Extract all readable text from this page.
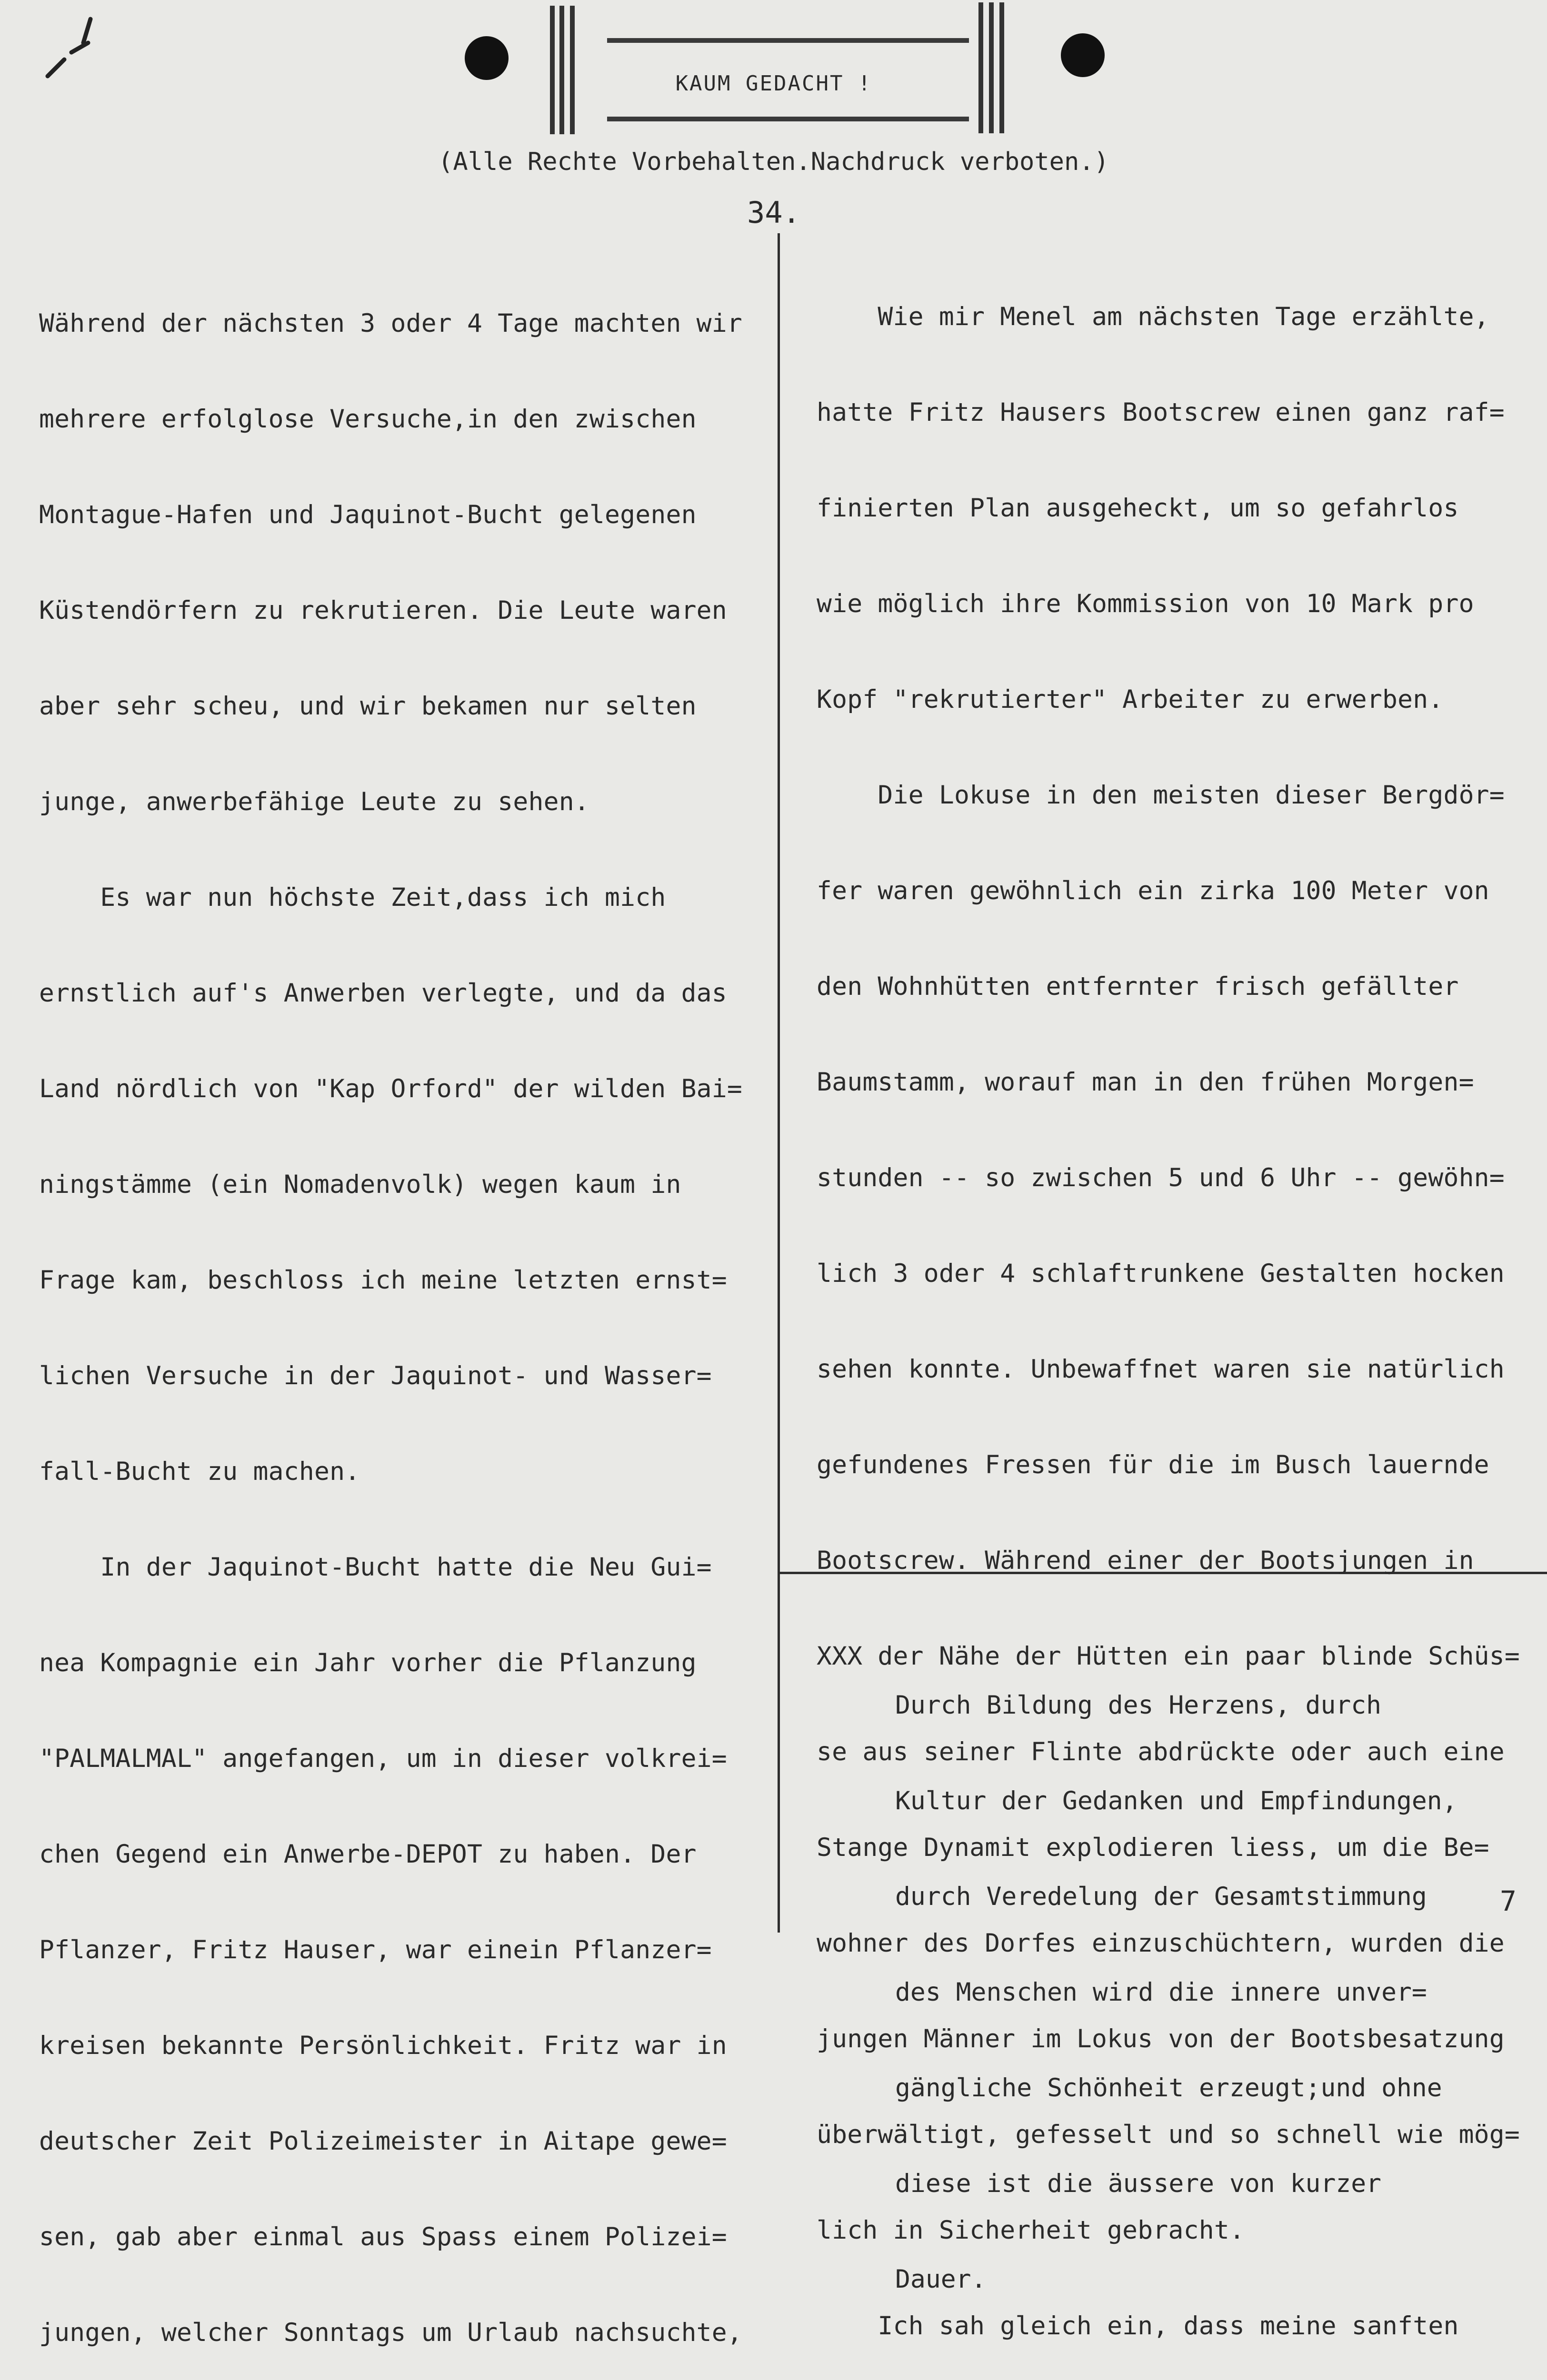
KAUM GEDACHT !
(Alle Rechte Vorbehalten.Nachdruck verboten.)
34.

Während der nächsten 3 oder 4 Tage machten wir

mehrere erfolglose Versuche,in den zwischen

Montague-Hafen und Jaquinot-Bucht gelegenen

Küstendörfern zu rekrutieren. Die Leute waren

aber sehr scheu, und wir bekamen nur selten

junge, anwerbefähige Leute zu sehen.

Es war nun höchste Zeit,dass ich mich

ernstlich auf's Anwerben verlegte, und da das

Land nördlich von "Kap Orford" der wilden Bai=

ningstämme (ein Nomadenvolk) wegen kaum in

Frage kam, beschloss ich meine letzten ernst=

lichen Versuche in der Jaquinot- und Wasser=

fall-Bucht zu machen.

In der Jaquinot-Bucht hatte die Neu Gui=

nea Kompagnie ein Jahr vorher die Pflanzung

"PALMALMAL" angefangen, um in dieser volkrei=

chen Gegend ein Anwerbe-DEPOT zu haben. Der

Pflanzer, Fritz Hauser, war einein Pflanzer=

kreisen bekannte Persönlichkeit. Fritz war in

deutscher Zeit Polizeimeister in Aitape gewe=

sen, gab aber einmal aus Spass einem Polizei=

jungen, welcher Sonntags um Urlaub nachsuchte,

Wie mir Menel am nächsten Tage erzählte,

hatte Fritz Hausers Bootscrew einen ganz raf=

finierten Plan ausgeheckt, um so gefahrlos

wie möglich ihre Kommission von 10 Mark pro

Kopf "rekrutierter" Arbeiter zu erwerben.

Die Lokuse in den meisten dieser Bergdör=

fer waren gewöhnlich ein zirka 100 Meter von

den Wohnhütten entfernter frisch gefällter

Baumstamm, worauf man in den frühen Morgen=

stunden -- so zwischen 5 und 6 Uhr -- gewöhn=

lich 3 oder 4 schlaftrunkene Gestalten hocken

sehen konnte. Unbewaffnet waren sie natürlich

gefundenes Fressen für die im Busch lauernde

Bootscrew. Während einer der Bootsjungen in

XXX der Nähe der Hütten ein paar blinde Schüs=

se aus seiner Flinte abdrückte oder auch eine

Stange Dynamit explodieren liess, um die Be=

wohner des Dorfes einzuschüchtern, wurden die

jungen Männer im Lokus von der Bootsbesatzung

überwältigt, gefesselt und so schnell wie mög=

lich in Sicherheit gebracht.

Ich sah gleich ein, dass meine sanften

Durch Bildung des Herzens, durch

Kultur der Gedanken und Empfindungen,

durch Veredelung der Gesamtstimmung

des Menschen wird die innere unver=

gängliche Schönheit erzeugt;und ohne

diese ist die äussere von kurzer

Dauer.

7
